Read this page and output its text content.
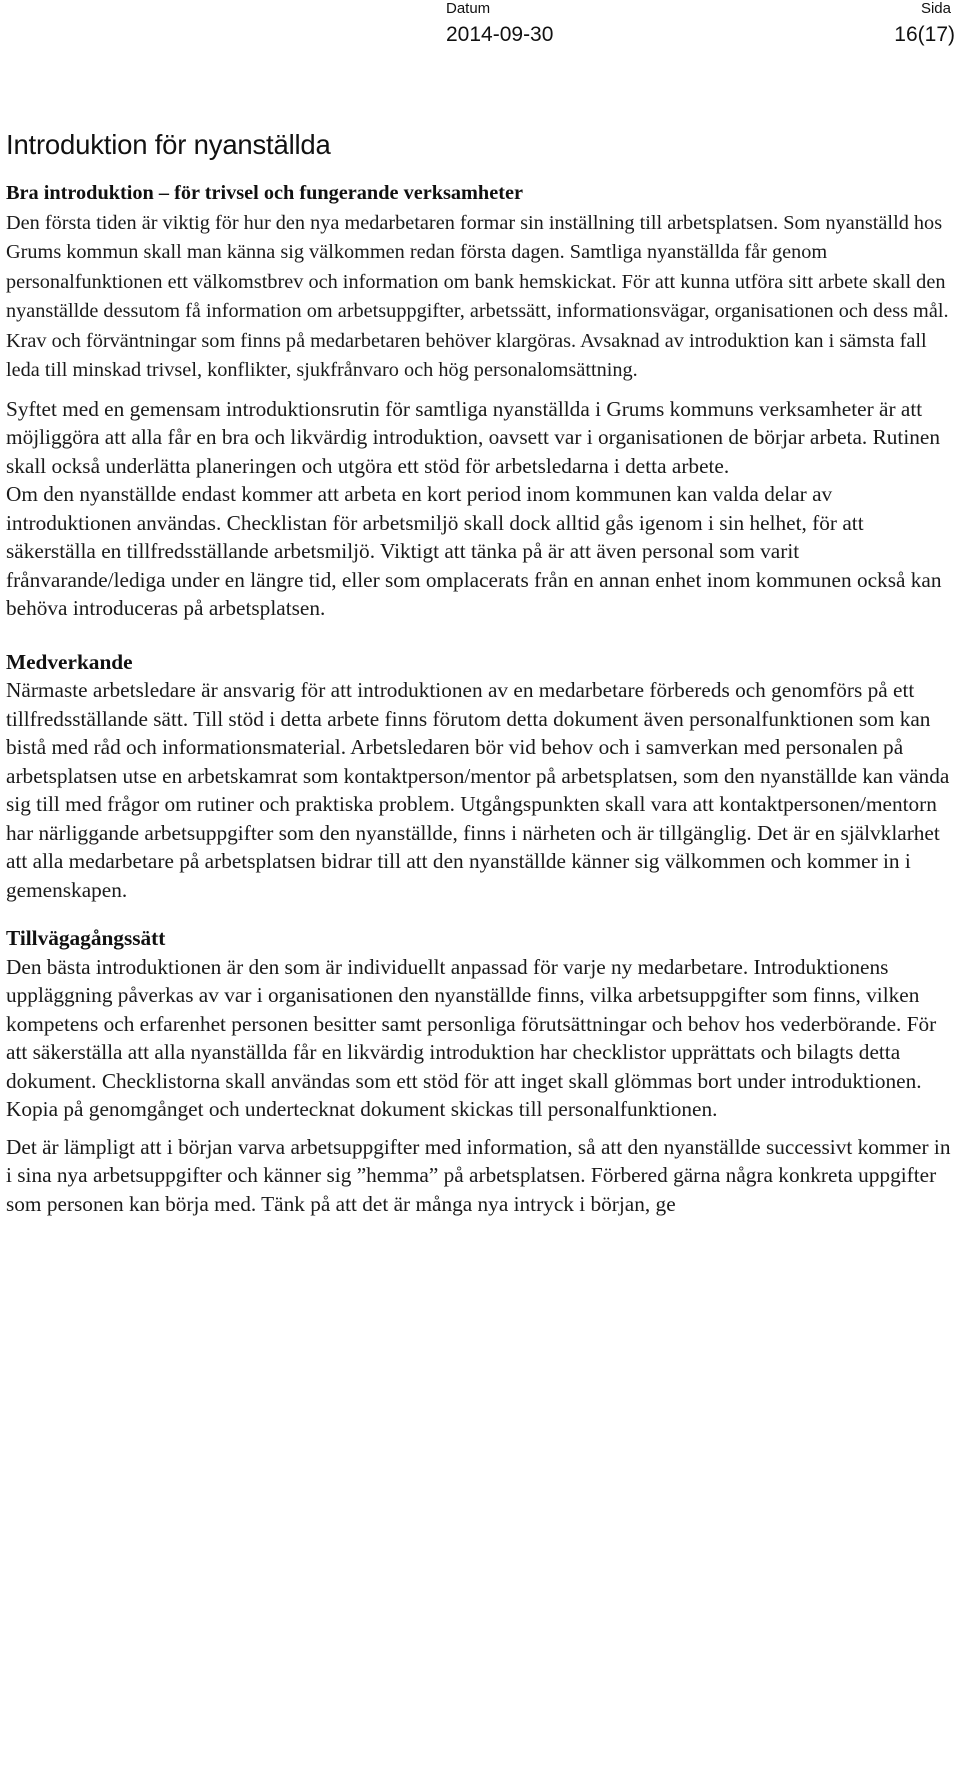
Datum
2014-09-30
Sida
16(17)
Introduktion för nyanställda
Bra introduktion – för trivsel och fungerande verksamheter

Den första tiden är viktig för hur den nya medarbetaren formar sin inställning till arbetsplatsen. Som nyanställd hos Grums kommun skall man känna sig välkommen redan första dagen. Samtliga nyanställda får genom personalfunktionen ett välkomstbrev och information om bank hemskickat. För att kunna utföra sitt arbete skall den nyanställde dessutom få information om arbetsuppgifter, arbetssätt, informationsvägar, organisationen och dess mål. Krav och förväntningar som finns på medarbetaren behöver klargöras. Avsaknad av introduktion kan i sämsta fall leda till minskad trivsel, konflikter, sjukfrånvaro och hög personalomsättning.

Syftet med en gemensam introduktionsrutin för samtliga nyanställda i Grums kommuns verksamheter är att möjliggöra att alla får en bra och likvärdig introduktion, oavsett var i organisationen de börjar arbeta. Rutinen skall också underlätta planeringen och utgöra ett stöd för arbetsledarna i detta arbete.

Om den nyanställde endast kommer att arbeta en kort period inom kommunen kan valda delar av introduktionen användas. Checklistan för arbetsmiljö skall dock alltid gås igenom i sin helhet, för att säkerställa en tillfredsställande arbetsmiljö. Viktigt att tänka på är att även personal som varit frånvarande/lediga under en längre tid, eller som omplacerats från en annan enhet inom kommunen också kan behöva introduceras på arbetsplatsen.

Medverkande

Närmaste arbetsledare är ansvarig för att introduktionen av en medarbetare förbereds och genomförs på ett tillfredsställande sätt. Till stöd i detta arbete finns förutom detta dokument även personalfunktionen som kan bistå med råd och informationsmaterial. Arbetsledaren bör vid behov och i samverkan med personalen på arbetsplatsen utse en arbetskamrat som kontaktperson/mentor på arbetsplatsen, som den nyanställde kan vända sig till med frågor om rutiner och praktiska problem. Utgångspunkten skall vara att kontaktpersonen/mentorn har närliggande arbetsuppgifter som den nyanställde, finns i närheten och är tillgänglig. Det är en självklarhet att alla medarbetare på arbetsplatsen bidrar till att den nyanställde känner sig välkommen och kommer in i gemenskapen.

Tillvägagångssätt

Den bästa introduktionen är den som är individuellt anpassad för varje ny medarbetare. Introduktionens uppläggning påverkas av var i organisationen den nyanställde finns, vilka arbetsuppgifter som finns, vilken kompetens och erfarenhet personen besitter samt personliga förutsättningar och behov hos vederbörande. För att säkerställa att alla nyanställda får en likvärdig introduktion har checklistor upprättats och bilagts detta dokument. Checklistorna skall användas som ett stöd för att inget skall glömmas bort under introduktionen. Kopia på genomgånget och undertecknat dokument skickas till personalfunktionen.

Det är lämpligt att i början varva arbetsuppgifter med information, så att den nyanställde successivt kommer in i sina nya arbetsuppgifter och känner sig ”hemma” på arbetsplatsen. Förbered gärna några konkreta uppgifter som personen kan börja med. Tänk på att det är många nya intryck i början, ge
